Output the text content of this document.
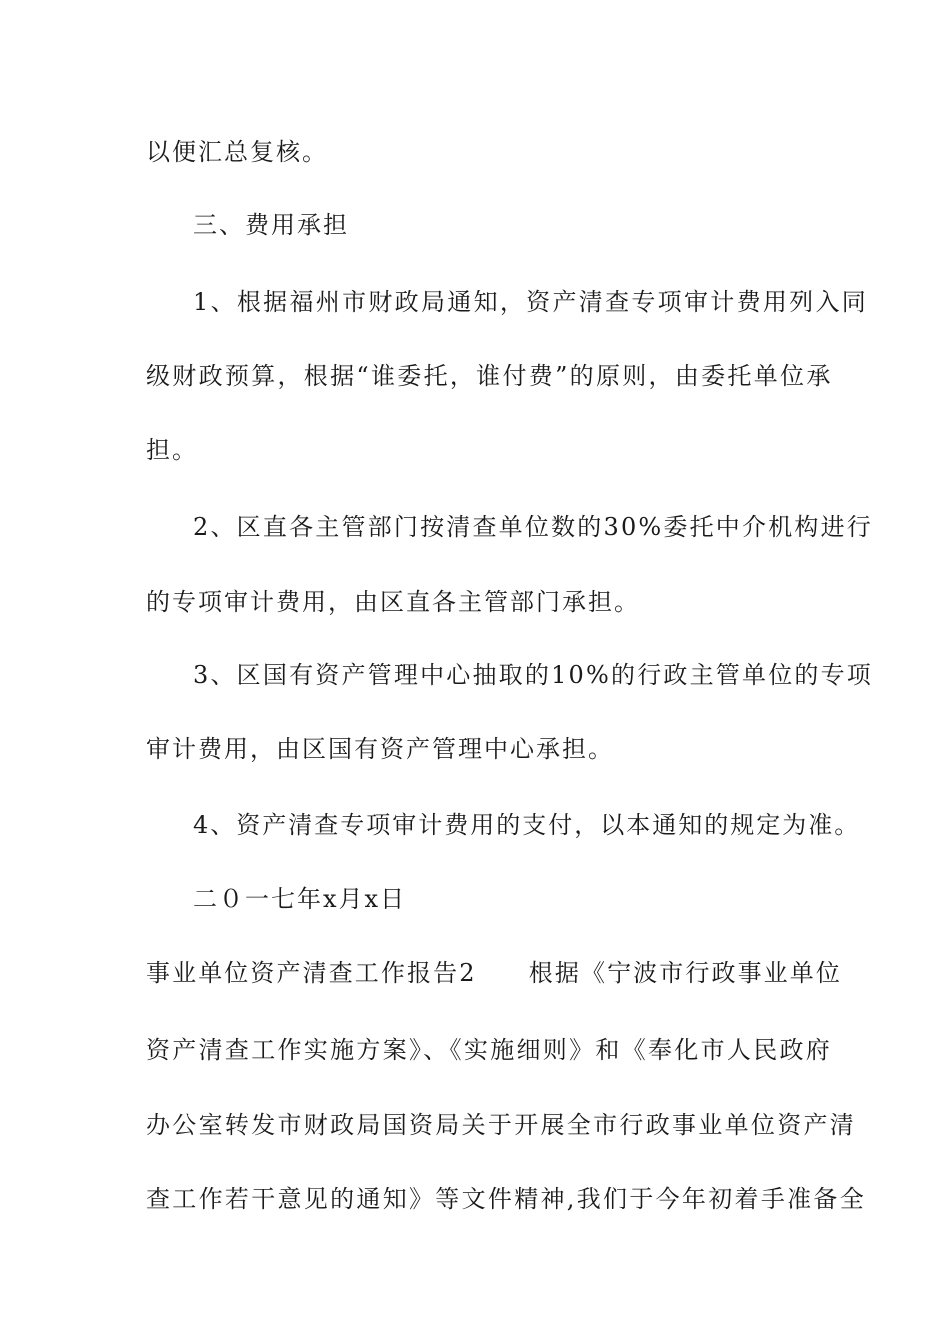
以便汇总复核。
三、费用承担
1、根据福州市财政局通知，资产清查专项审计费用列入同
级财政预算，根据“谁委托，谁付费”的原则，由委托单位承
担。
2、区直各主管部门按清查单位数的30%委托中介机构进行
的专项审计费用，由区直各主管部门承担。
3、区国有资产管理中心抽取的10%的行政主管单位的专项
审计费用，由区国有资产管理中心承担。
4、资产清查专项审计费用的支付，以本通知的规定为准。
二０一七年x月x日
事业单位资产清查工作报告2　　根据《宁波市行政事业单位
资产清查工作实施方案》、《实施细则》和《奉化市人民政府
办公室转发市财政局国资局关于开展全市行政事业单位资产清
查工作若干意见的通知》等文件精神,我们于今年初着手准备全
